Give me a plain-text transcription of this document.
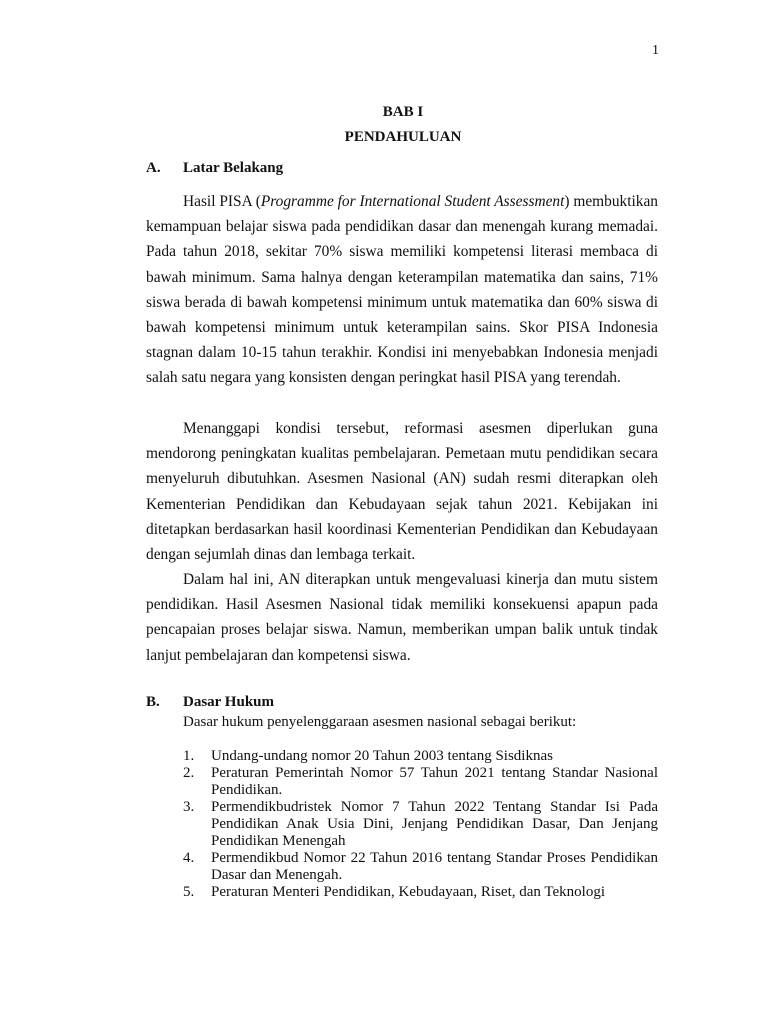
1
BAB I
PENDAHULUAN
A. Latar Belakang

Hasil PISA (Programme for International Student Assessment) membuktikan kemampuan belajar siswa pada pendidikan dasar dan menengah kurang memadai. Pada tahun 2018, sekitar 70% siswa memiliki kompetensi literasi membaca di bawah minimum. Sama halnya dengan keterampilan matematika dan sains, 71% siswa berada di bawah kompetensi minimum untuk matematika dan 60% siswa di bawah kompetensi minimum untuk keterampilan sains. Skor PISA Indonesia stagnan dalam 10-15 tahun terakhir. Kondisi ini menyebabkan Indonesia menjadi salah satu negara yang konsisten dengan peringkat hasil PISA yang terendah.

Menanggapi kondisi tersebut, reformasi asesmen diperlukan guna mendorong peningkatan kualitas pembelajaran. Pemetaan mutu pendidikan secara menyeluruh dibutuhkan. Asesmen Nasional (AN) sudah resmi diterapkan oleh Kementerian Pendidikan dan Kebudayaan sejak tahun 2021. Kebijakan ini ditetapkan berdasarkan hasil koordinasi Kementerian Pendidikan dan Kebudayaan dengan sejumlah dinas dan lembaga terkait.

Dalam hal ini, AN diterapkan untuk mengevaluasi kinerja dan mutu sistem pendidikan. Hasil Asesmen Nasional tidak memiliki konsekuensi apapun pada pencapaian proses belajar siswa. Namun, memberikan umpan balik untuk tindak lanjut pembelajaran dan kompetensi siswa.

B. Dasar Hukum
Dasar hukum penyelenggaraan asesmen nasional sebagai berikut:
1. Undang-undang nomor 20 Tahun 2003 tentang Sisdiknas
2. Peraturan Pemerintah Nomor 57 Tahun 2021 tentang Standar Nasional Pendidikan.
3. Permendikbudristek Nomor 7 Tahun 2022 Tentang Standar Isi Pada Pendidikan Anak Usia Dini, Jenjang Pendidikan Dasar, Dan Jenjang Pendidikan Menengah
4. Permendikbud Nomor 22 Tahun 2016 tentang Standar Proses Pendidikan Dasar dan Menengah.
5. Peraturan Menteri Pendidikan, Kebudayaan, Riset, dan Teknologi
